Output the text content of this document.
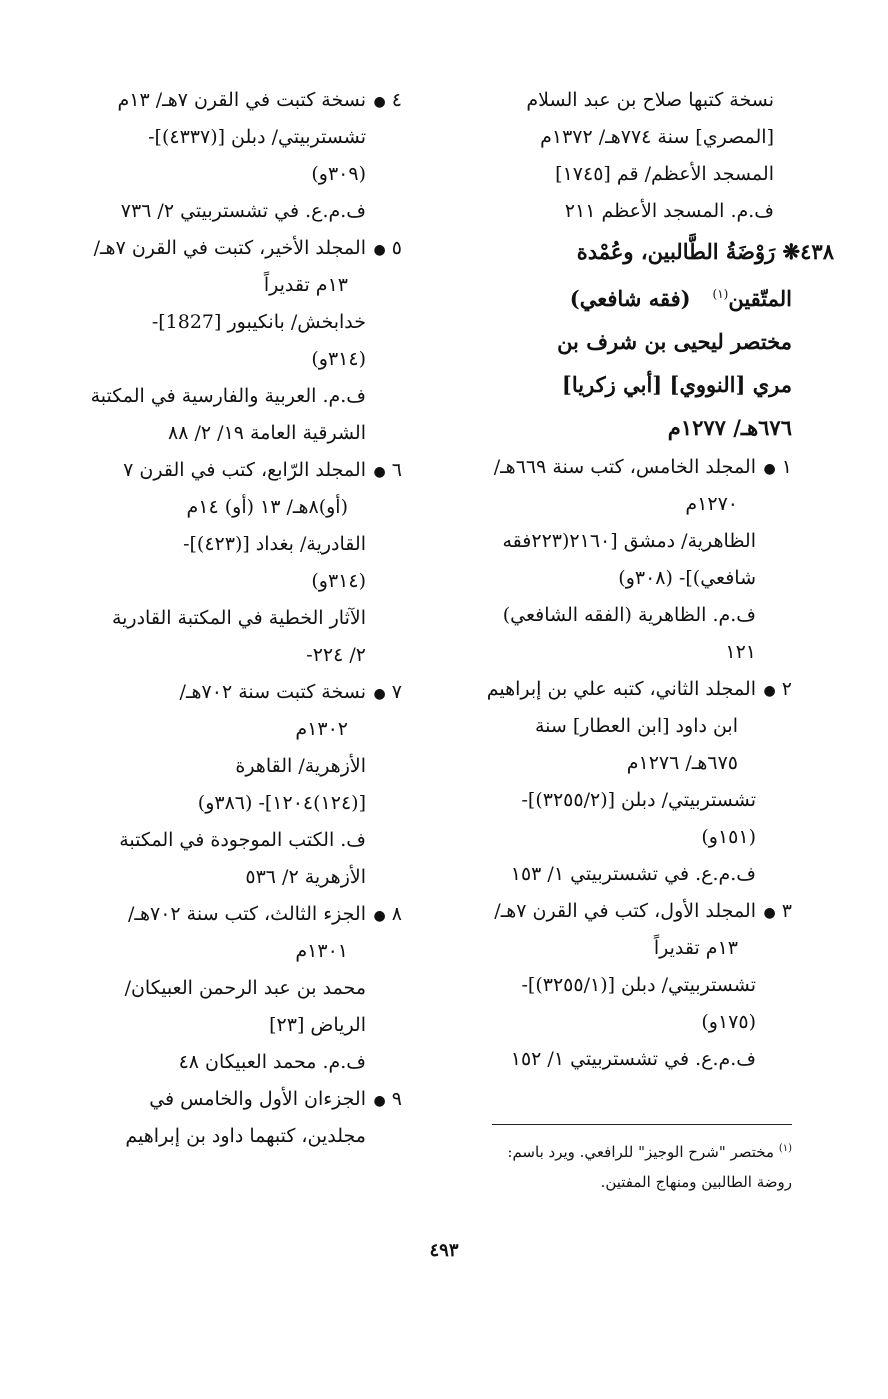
نسخة كتبها صلاح بن عبد السلام
[المصري] سنة ٧٧٤هـ/ ١٣٧٢م
المسجد الأعظم/ قم [١٧٤٥]
ف.م. المسجد الأعظم ٢١١
٤٣٨❋ رَوْضَةُ الطَّالبين، وعُمْدة
المتّقين$^{(١)}$   (فقه شافعي)
مختصر ليحيى بن شرف بن
مري [النووي] [أبي زكريا]
٦٧٦هـ/ ١٢٧٧م
١ ●
المجلد الخامس، كتب سنة ٦٦٩هـ/
١٢٧٠م
الظاهرية/ دمشق [٢١٦٠(٢٢٣فقه
شافعي)]- (٣٠٨و)
ف.م. الظاهرية (الفقه الشافعي)
١٢١
٢ ●
المجلد الثاني، كتبه علي بن إبراهيم
ابن داود [ابن العطار] سنة
٦٧٥هـ/ ١٢٧٦م
تشستربيتي/ دبلن [(٣٢٥٥/٢)]-
(١٥١و)
ف.م.ع. في تشستربيتي ١/ ١٥٣
٣ ●
المجلد الأول، كتب في القرن ٧هـ/
١٣م تقديراً
تشستربيتي/ دبلن [(٣٢٥٥/١)]-
(١٧٥و)
ف.م.ع. في تشستربيتي ١/ ١٥٢
٤ ●
نسخة كتبت في القرن ٧هـ/ ١٣م
تشستربيتي/ دبلن [(٤٣٣٧)]-
(٣٠٩و)
ف.م.ع. في تشستربيتي ٢/ ٧٣٦
٥ ●
المجلد الأخير، كتبت في القرن ٧هـ/
١٣م تقديراً
خدابخش/ بانكيبور [1827]-
(٣١٤و)
ف.م. العربية والفارسية في المكتبة
الشرقية العامة ١٩/ ٢/ ٨٨
٦ ●
المجلد الرّابع، كتب في القرن ٧
(أو)٨هـ/ ١٣ (أو) ١٤م
القادرية/ بغداد [(٤٢٣)]-
(٣١٤و)
الآثار الخطية في المكتبة القادرية
٢/ ٢٢٤-
٧ ●
نسخة كتبت سنة ٧٠٢هـ/
١٣٠٢م
الأزهرية/ القاهرة
[(١٢٤)١٢٠٤]- (٣٨٦و)
ف. الكتب الموجودة في المكتبة
الأزهرية ٢/ ٥٣٦
٨ ●
الجزء الثالث، كتب سنة ٧٠٢هـ/
١٣٠١م
محمد بن عبد الرحمن العبيكان/
الرياض [٢٣]
ف.م. محمد العبيكان ٤٨
٩ ●
الجزءان الأول والخامس في
مجلدين، كتبهما داود بن إبراهيم
$^{(١)}$ مختصر "شرح الوجيز" للرافعي. ويرد باسم:
روضة الطالبين ومنهاج المفتين.
٤٩٣
